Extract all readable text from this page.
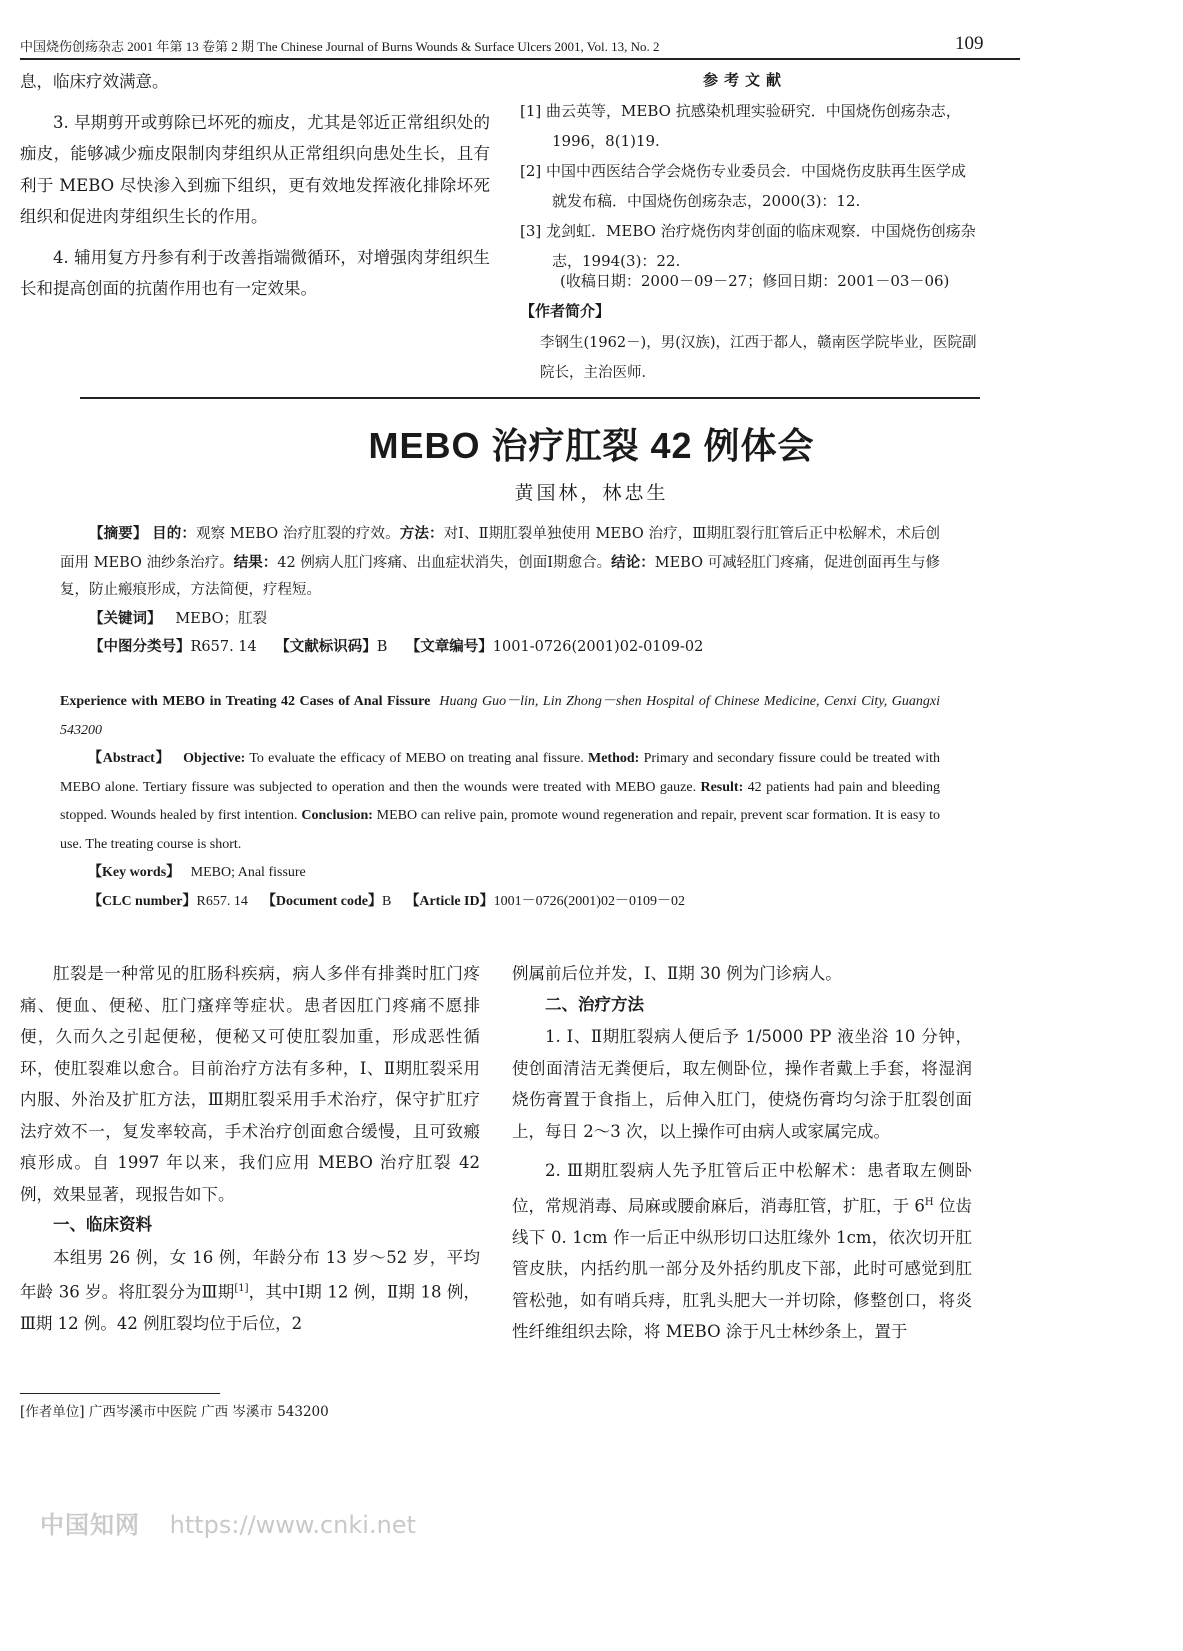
中国烧伤创疡杂志 2001 年第 13 卷第 2 期 The Chinese Journal of Burns Wounds & Surface Ulcers 2001, Vol. 13, No. 2	109

息，临床疗效满意。

3. 早期剪开或剪除已坏死的痂皮，尤其是邻近正常组织处的痂皮，能够减少痂皮限制肉芽组织从正常组织向患处生长，且有利于 MEBO 尽快渗入到痂下组织，更有效地发挥液化排除坏死组织和促进肉芽组织生长的作用。

4. 辅用复方丹参有利于改善指端微循环，对增强肉芽组织生长和提高创面的抗菌作用也有一定效果。

参考文献
[1] 曲云英等，MEBO 抗感染机理实验研究．中国烧伤创疡杂志，1996，8(1)19.
[2] 中国中西医结合学会烧伤专业委员会．中国烧伤皮肤再生医学成就发布稿．中国烧伤创疡杂志，2000(3)：12.
[3] 龙剑虹．MEBO 治疗烧伤肉芽创面的临床观察．中国烧伤创疡杂志，1994(3)：22.
(收稿日期：2000－09－27；修回日期：2001－03－06)
【作者简介】
李钢生(1962－)，男(汉族)，江西于都人，赣南医学院毕业，医院副院长，主治医师．
MEBO 治疗肛裂 42 例体会
黄国林，林忠生

【摘要】 目的：观察 MEBO 治疗肛裂的疗效。方法：对Ⅰ、Ⅱ期肛裂单独使用 MEBO 治疗，Ⅲ期肛裂行肛管后正中松解术，术后创面用 MEBO 油纱条治疗。结果：42 例病人肛门疼痛、出血症状消失，创面Ⅰ期愈合。结论：MEBO 可减轻肛门疼痛，促进创面再生与修复，防止瘢痕形成，方法简便，疗程短。

【关键词】 MEBO；肛裂

【中图分类号】R657. 14 【文献标识码】B 【文章编号】1001-0726(2001)02-0109-02

Experience with MEBO in Treating 42 Cases of Anal Fissure Huang Guo－lin, Lin Zhong－shen Hospital of Chinese Medicine, Cenxi City, Guangxi 543200

【Abstract】 Objective: To evaluate the efficacy of MEBO on treating anal fissure. Method: Primary and secondary fissure could be treated with MEBO alone. Tertiary fissure was subjected to operation and then the wounds were treated with MEBO gauze. Result: 42 patients had pain and bleeding stopped. Wounds healed by first intention. Conclusion: MEBO can relive pain, promote wound regeneration and repair, prevent scar formation. It is easy to use. The treating course is short.

【Key words】 MEBO; Anal fissure

【CLC number】R657. 14 【Document code】B 【Article ID】1001－0726(2001)02－0109－02

肛裂是一种常见的肛肠科疾病，病人多伴有排粪时肛门疼痛、便血、便秘、肛门瘙痒等症状。患者因肛门疼痛不愿排便，久而久之引起便秘，便秘又可使肛裂加重，形成恶性循环，使肛裂难以愈合。目前治疗方法有多种，Ⅰ、Ⅱ期肛裂采用内服、外治及扩肛方法，Ⅲ期肛裂采用手术治疗，保守扩肛疗法疗效不一，复发率较高，手术治疗创面愈合缓慢，且可致瘢痕形成。自 1997 年以来，我们应用 MEBO 治疗肛裂 42 例，效果显著，现报告如下。

一、临床资料

本组男 26 例，女 16 例，年龄分布 13 岁～52 岁，平均年龄 36 岁。将肛裂分为Ⅲ期[1]，其中Ⅰ期 12 例，Ⅱ期 18 例，Ⅲ期 12 例。42 例肛裂均位于后位，2

例属前后位并发，Ⅰ、Ⅱ期 30 例为门诊病人。

二、治疗方法

1. Ⅰ、Ⅱ期肛裂病人便后予 1/5000 PP 液坐浴 10 分钟，使创面清洁无粪便后，取左侧卧位，操作者戴上手套，将湿润烧伤膏置于食指上，后伸入肛门，使烧伤膏均匀涂于肛裂创面上，每日 2～3 次，以上操作可由病人或家属完成。

2. Ⅲ期肛裂病人先予肛管后正中松解术：患者取左侧卧位，常规消毒、局麻或腰俞麻后，消毒肛管，扩肛，于 $6^H$ 位齿线下 0. 1cm 作一后正中纵形切口达肛缘外 1cm，依次切开肛管皮肤，内括约肌一部分及外括约肌皮下部，此时可感觉到肛管松弛，如有哨兵痔，肛乳头肥大一并切除，修整创口，将炎性纤维组织去除，将 MEBO 涂于凡士林纱条上，置于

[作者单位] 广西岑溪市中医院 广西 岑溪市 543200
中国知网 https://www.cnki.net
